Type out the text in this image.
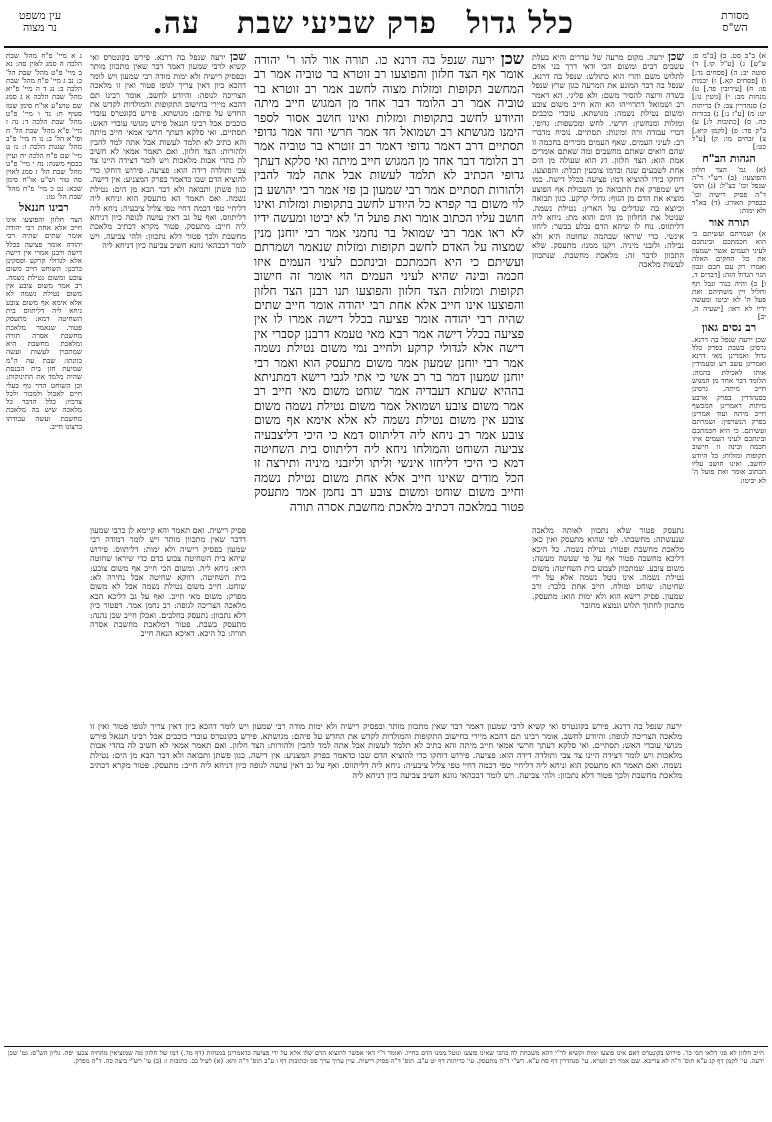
מסורת
הש"ס
כלל גדול
פרק שביעי
שבת
עה.
עין משפט
נר מצוה

א) ב"ב סט. ב) [ב"מ ס: ע"ש] ג) [ע"ל קו.] ד) סוטה יב: ה) [פסחים נד:] ו) [פסחים קא.] ז) יבמות פו: ח) [עירובין פד.] ט) מנחות מב: י) [גיטין נו:] כ) סנהדרין צב: ל) כריתות יט: מ) [ע"ז נ:] נ) בכורות כה. ס) [כתובות ל:] ע) ב"ק פד: פ) [לקמן קיא.] צ) זבחים מו: ק) [ע"ל כט:]

הגהות הב"ח

(א) גמ' הצד חלזון והפוצעו: (ב) רש"י ד"ה שנפל וכו' כצ"ל: (ג) תוס' ד"ה פסיק רישיה וכו' כבפרק האורג: (ד) בא"ד ולא ימות:

תורה אור

א) ושמרתם ועשיתם כי הוא חכמתכם ובינתכם לעיני העמים אשר ישמעון את כל החקים האלה ואמרו רק עם חכם ונבון הגוי הגדול הזה: [דברים ד, ו] ב) והיה כנור ונבל תף וחליל ויין משתיהם ואת פעל ה' לא יביטו ומעשה ידיו לא ראו: [ישעיה ה, יב]

רב נסים גאון

שכן ירעה שנפל בה דרנא. גרסינן בשבת בפרק כלל גדול ואמרינן מאי דרנא ואמרינן עשב רע ומעמידין אותו לאכילת בהמה: הלומד דבר אחד מן המגוש חייב מיתה. גרסינן בסנהדרין בפרק ארבע מיתות דאמרינן המכשף חייב מיתה ועוד אמרינן בפרק הנשרפין: ושמרתם ועשיתם. כי היא חכמתכם ובינתכם לעיני העמים איזו חכמה ובינה זו חישוב תקופות ומזלות: כל היודע לחשב. ואינו חושב עליו הכתוב אומר ואת פועל ה' לא יביטו:

נ א מיי' פ"ח מהל' שבת הלכה ה סמג לאוין סה: נא ב מיי' פ"ט מהל' שבת הל' כ: נב ג מיי' פ"ח מהל' שבת הלכה ב: נג ד ה מיי' פ"יא מהל' שבת הלכה א ג סמג שם טוש"ע או"ח סימן שטז סעיף ח: נד ו מיי' פ"ט מהל' שבת הלכה ד: נה ז מיי' פ"א מהל' שבת הל' ח ופי"א הל' ב: נו ח מיי' פ"ב מהל' שגגות הלכה ז: נז ט מיי' שם פ"ח הלכה יח ועיין בכסף משנה: נח י מיי' פ"ט מהל' שבת הל' ז סמג לאוין סה טור וש"ע או"ח סימן שכא: נט כ מיי' פ"ח מהל' שבת הל' טז:

רבינו חננאל

הצד חלזון והפוצעו אינו חייב אלא אחת רבי יהודה אומר שתים שהיה רבי יהודה אומר פציעה בכלל דישה ורבנן אמרי אין דישה אלא לגדולי קרקע ופסקינן כרבנן: השוחט חייב משום צובע ומשום נטילת נשמה. רב אמר משום צובע אין משום נטילת נשמה לא אלא אימא אף משום צובע ניחא ליה דליתווס בית השחיטה דמא: מתעסק פטור. שנאמר מלאכת מחשבת אסרה תורה ומלאכת מחשבת היא שמתכוין לעשות ועשה כוונתו: שבת עה ה"מ שמיעת חזן בית הכנסת שהיה מלמד את התינוקות: וכן השוחט הדר גוף בעלי חיים לאכול ולמכור ולכל צרכיו: כלל הדבר כל מלאכה שיש בה מלאכת מחשבת ועשה עבודתו כרצונו חייב.

שכן ירעה. מקום מרעה של עדרים והיא בעלת עשבים רבים ומשום הכי ודאי דרך בני אדם לתלוש משם והרי הוא כתולש: שנפל בה דרנא. שנפל בה דבר המונע את המרעה כגון שרץ שנפל בשדה ורוצה להסיר משם: ולא פליגי. הא דאמר רב ושמואל דתרוייהו הא והא חייב משום צובע ומשום נטילת נשמה: מגושתא. עובדי כוכבים ומזלות ומנחשין: חרשי. לחש ומכשפות: גדופי. דברי עבודה זרה ומינות: תסתיים. נוכיח מדברי רב: לעיני העמים. שאף העמים מכירים בחכמה זו שהם רואים שאתם מחשבים ומה שאתם אומרים אמת הוא: הצד חלזון. דג הוא שעולה מן הים אחת לשבעים שנה ובדמו צובעין תכלת: והפוצעו. דוחקו בידו להוציא דמו: פציעה בכלל דישה. כמו דש שמפרק את התבואה מן השבולת אף הפוצע מוציא את הדם מן הגוף: גדולי קרקע. כגון תבואה וכיוצא בה שגדלים על הארץ: נטילת נשמה. שנוטל את החלזון מן הים והוא מת: ניחא ליה דליתווס. נוח לו שיהא הדם נבלע בבשר: ליחזו אינשי. כדי שיראו שבהמה שחוטה היא ולא נבילה: ולזבני מיניה. ויקנו ממנו: מתעסק. שלא התכוון לדבר זה: מלאכת מחשבת. שנתכוון לעשות מלאכה
שכן ירעה שנפל בה דרנא. פירש בקונטרס ואי קשיא לרבי שמעון דאמר דבר שאין מתכוון מותר ובפסיק רישיה ולא ימות מודה רבי שמעון ויש לומר דהכא כיון דאין צריך לגופו פטור ואין זו מלאכה הצריכה לגופה: והיודע לחשב. אומר רבינו תם דהכא מיירי בחישוב התקופות והמולדות לקדש את החדש על פיהם: מגושתא. פירש בקונטרס עובדי כוכבים אבל רבינו חננאל פירש מגושי עובדי האש: תסתיים. ואי סלקא דעתך חרשי אמאי חייב מיתה והא כתיב לא תלמד לעשות אבל אתה למד להבין ולהורות: הצד חלזון. ואם תאמר אמאי לא חשיב לה בהדי אבות מלאכות ויש לומר דצידה היינו צד צבי ותולדה דידה הוא: פציעה. פירוש דוחקו כדי להוציא הדם שבו כדאמר בפרק המצניע: אין דישה. כגון פשתן ותבואה ולא דבר הבא מן הים: נטילת נשמה. ואם תאמר הא מתעסק הוא וניחא ליה דליחיי טפי דכמה דחיי טפי צליל ציבעיה: ניחא ליה דליתווס. ואף על גב דאין עושה לגופה כיון דניחא ליה חייב: מתעסק. פטור מקרא דכתיב מלאכת מחשבת ולכך פטור דלא נתכוון: ולהי צביעה. ויש לומר דבכהאי גוונא חשיב צביעה כיון דניחא ליה
שכן ירעה שנפל בה דרנא כו. תורה אור להו ר' יהודה אומר אף הצד חלזון והפוצעו רב זוטרא בר טוביה אמר רב המחשב תקופות ומזלות מצוה לחשב אמר רב זוטרא בר טוביה אמר רב הלומד דבר אחד מן המגוש חייב מיתה והיודע לחשב בתקופות ומזלות ואינו חושב אסור לספר הימנו מגושתא רב ושמואל חד אמר חרשי וחד אמר גדופי תסתיים דרב דאמר גדופי דאמר רב זוטרא בר טוביה אמר רב הלומד דבר אחד מן המגוש חייב מיתה ואי סלקא דעתך גדופי הכתיב לא תלמד לעשות אבל אתה למד להבין ולהורות תסתיים אמר רבי שמעון בן פזי אמר רבי יהושע בן לוי משום בר קפרא כל היודע לחשב בתקופות ומזלות ואינו חושב עליו הכתוב אומר ואת פועל ה' לא יביטו ומעשה ידיו לא ראו אמר רבי שמואל בר נחמני אמר רבי יוחנן מנין שמצוה על האדם לחשב תקופות ומזלות שנאמר ושמרתם ועשיתם כי היא חכמתכם ובינתכם לעיני העמים איזו חכמה ובינה שהיא לעיני העמים הוי אומר זה חישוב תקופות ומזלות הצד חלזון והפוצעו תנו רבנן הצד חלזון והפוצעו אינו חייב אלא אחת רבי יהודה אומר חייב שתים שהיה רבי יהודה אומר פציעה בכלל דישה אמרו לו אין פציעה בכלל דישה אמר רבא מאי טעמא דרבנן קסברי אין דישה אלא לגדולי קרקע ולחייב נמי משום נטילת נשמה אמר רבי יוחנן שמעון אמר משום מתעסק הוא ואמר רבי יוחנן שמעון דמר בר רב אשי כי אתי לגבי רישא דמתניתא בההיא שעתא דעבדיה אמר שוחט משום מאי חייב רב אמר משום צובע ושמואל אמר משום נטילת נשמה משום צובע אין משום נטילת נשמה לא אלא אימא אף משום צובע אמר רב ניחא ליה דליתווס דמא כי היכי דליצבעיה צביעה השוחט והמולחו ניחא ליה דליתווס בית השחיטה דמא כי היכי דליחזו אינשי וליתו וליזבני מיניה ותירצה זו הכל מודים שאינו חייב אלא אחת משום נטילת נשמה וחייב משום שוחט ומשום צובע רב נחמן אמר מתעסק פטור במלאכה דכתיב מלאכת מחשבת אסרה תורה
נתעסק פטור שלא נתכוון לאותה מלאכה שנעשתה: מחשבתו. לפי שהוא מתעסק ואין כאן מלאכת מחשבת ופטור: נטילת נשמה. כל היכא דליכא מחשבה פטור אף על פי שעשה מעשה: משום צובע. שמתכוון לצבוע בית השחיטה: משום נטילת נשמה. אינו נוטל נשמה אלא על ידי שחיטה: שוחט ומולח. חייב אחת בלבד: ורב שמעון. פסיק רישא הוא ולא ימות הוא: מתעסק. מתכוון לחתוך תלוש ונמצא מחובר
פסיק רישיה. ואם תאמר והא קיימא לן כרבי שמעון דדבר שאין מתכוון מותר ויש לומר דמודה רבי שמעון בפסיק רישיה ולא ימות: דליתווס. פירוש שיהא בית השחיטה צבוע בדם כדי שיראו שחוטה היא: ניחא ליה. ומשום הכי חייב אף משום צובע: בית השחיטה. דווקא שחיטה אבל נחירה לא: שוחט. חייב משום נטילת נשמה אבל לא משום מפרק: משום מאי חייב. ואף על גב דליכא הכא מלאכה הצריכה לגופה: רב נחמן אמר. דפטור כיון דלא נתכוון: נתעסק בחלבים. ואכלן חייב שכן נהנה: מתעסק בשבת. פטור דמלאכת מחשבת אסרה תורה: כל היכא. דאיכא הנאה חייב
ירעה שנפל בה דרנא. פירש בקונטרס ואי קשיא לרבי שמעון דאמר דבר שאין מתכוון מותר ובפסיק רישיה ולא ימות מודה רבי שמעון ויש לומר דהכא כיון דאין צריך לגופו פטור ואין זו מלאכה הצריכה לגופה: והיודע לחשב. אומר רבינו תם דהכא מיירי בחישוב התקופות והמולדות לקדש את החדש על פיהם: מגושתא. פירש בקונטרס עובדי כוכבים אבל רבינו חננאל פירש מגושי עובדי האש: תסתיים. ואי סלקא דעתך חרשי אמאי חייב מיתה והא כתיב לא תלמד לעשות אבל אתה למד להבין ולהורות: הצד חלזון. ואם תאמר אמאי לא חשיב לה בהדי אבות מלאכות ויש לומר דצידה היינו צד צבי ותולדה דידה הוא: פציעה. פירוש דוחקו כדי להוציא הדם שבו כדאמר בפרק המצניע: אין דישה. כגון פשתן ותבואה ולא דבר הבא מן הים: נטילת נשמה. ואם תאמר הא מתעסק הוא וניחא ליה דליחיי טפי דכמה דחיי טפי צליל ציבעיה: ניחא ליה דליתווס. ואף על גב דאין עושה לגופה כיון דניחא ליה חייב: מתעסק. פטור מקרא דכתיב מלאכת מחשבת ולכך פטור דלא נתכוון: ולהי צביעה. ויש לומר דבכהאי גוונא חשיב צביעה כיון דניחא ליה
חייב חלזון לא סגי דלאו הכי כו'. פירוש בקונטרס דאם אינו פוצעו ימות וקשיא לר"י דהא משכחת לה בהכי שאינו פוצעו ונוטל ממנו הדם בחייו. ואומר ר"י דאי אפשר להוציא הדם שלו אלא על ידי פציעה כדאמרינן במנחות (דף מד.) דמו של חלזון מה שמוציאין מהחיה צבעו יפה. גליון הש"ס: גמ' שכן ירעה. עי' לקמן דף קג ע"א תוס' ד"ה לא צריכא. שם אמר רב זוטרא. עי' סנהדרין דף סח ע"א. רש"י ד"ה מתעסק. עי' כריתות דף יט ע"ב. תוס' ד"ה פסיק רישיה. עיין ערוך ערך פס וכתובות דף ו ע"ב תוס' ד"ה והא. (א) לעיל כב. כתובות ו: (ב) עי' רש"י ביצה כה. ד"ה מפרק.
